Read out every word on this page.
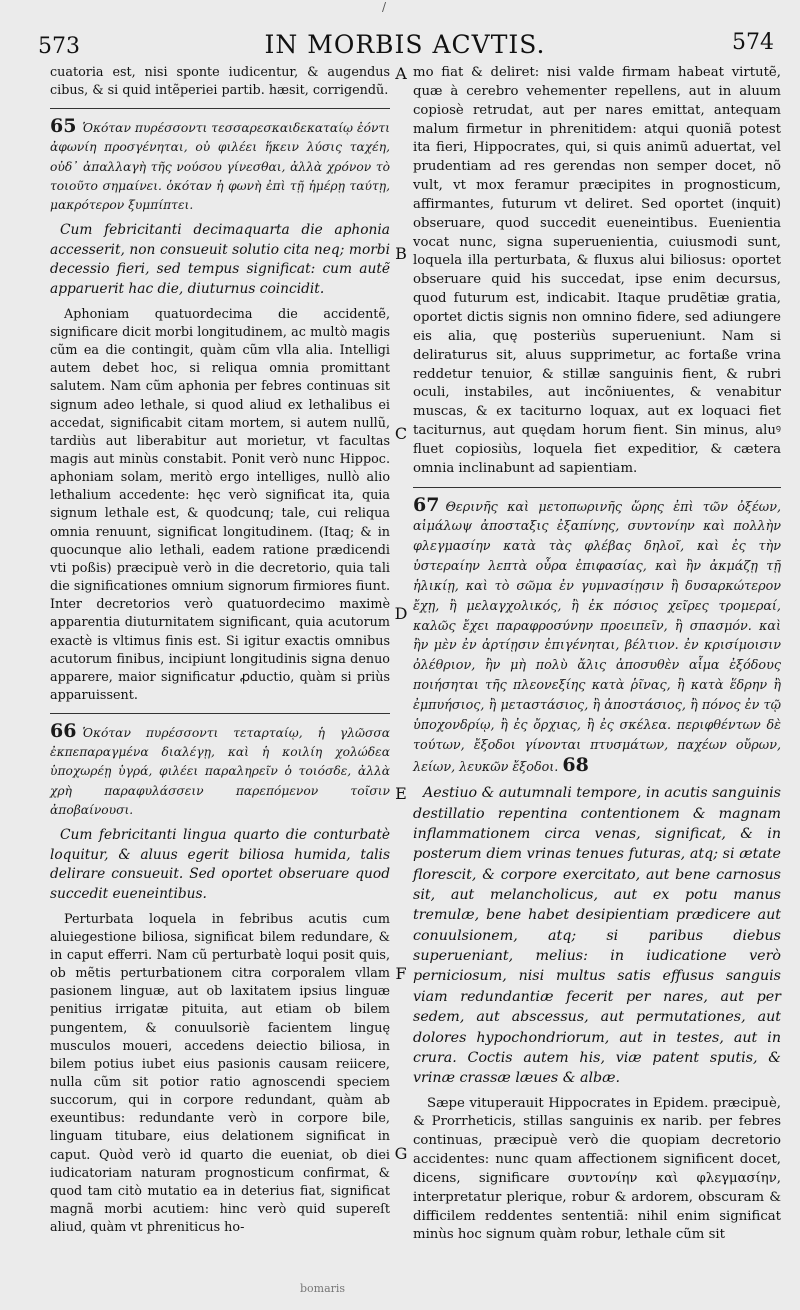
/
573	IN MORBIS ACVTIS.	574

cuatoria est, nisi sponte iudicentur, & augendus cibus, & si quid intẽperiei partib. hæsit, corrigendũ.

65 Ὁκόταν πυρέσσοντι τεσσαρεσκαιδεκαταίῳ ἐόντι ἀφωνίη προσγένηται, οὐ φιλέει ἥκειν λύσις ταχέη, οὐδ᾽ ἀπαλλαγὴ τῆς νούσου γίνεσθαι, ἀλλὰ χρόνον τὸ τοιοῦτο σημαίνει. ὁκόταν ἡ φωνὴ ἐπὶ τῇ ἡμέρῃ ταύτῃ, μακρότερον ξυμπίπτει.

Cum febricitanti decimaquarta die aphonia accesserit, non consueuit solutio cita neq; morbi decessio fieri, sed tempus significat: cum autẽ apparuerit hac die, diuturnus coincidit.

Aphoniam quatuordecima die accidentẽ, significare dicit morbi longitudinem, ac multò magis cũm ea die contingit, quàm cũm vlla alia. Intelligi autem debet hoc, si reliqua omnia promittant salutem. Nam cũm aphonia per febres continuas sit signum adeo lethale, si quod aliud ex lethalibus ei accedat, significabit citam mortem, si autem nullũ, tardiùs aut liberabitur aut morietur, vt facultas magis aut minùs constabit. Ponit verò nunc Hippoc. aphoniam solam, meritò ergo intelliges, nullò alio lethalium accedente: hęc verò significat ita, quia signum lethale est, & quodcunq; tale, cui reliqua omnia renuunt, significat longitudinem. (Itaq; & in quocunque alio lethali, eadem ratione prædicendi vti poßis) præcipuè verò in die decretorio, quia tali die significationes omnium signorum firmiores fiunt. Inter decretorios verò quatuordecimo maximè apparentia diuturnitatem significant, quia acutorum exactè is vltimus finis est. Si igitur exactis omnibus acutorum finibus, incipiunt longitudinis signa denuo apparere, maior significatur ꝓductio, quàm si priùs apparuissent.

66 Ὁκόταν πυρέσσοντι τεταρταίῳ, ἡ γλῶσσα ἐκπεπαραγμένα διαλέγῃ, καὶ ἡ κοιλίη χολώδεα ὑποχωρέῃ ὑγρά, φιλέει παραληρεῖν ὁ τοιόσδε, ἀλλὰ χρὴ παραφυλάσσειν παρεπόμενον τοῖσιν ἀποβαίνουσι.

Cum febricitanti lingua quarto die conturbatè loquitur, & aluus egerit biliosa humida, talis delirare consueuit. Sed oportet obseruare quod succedit eueneintibus.

Perturbata loquela in febribus acutis cum aluiegestione biliosa, significat bilem redundare, & in caput efferri. Nam cũ perturbatè loqui posit quis, ob mẽtis perturbationem citra corporalem vllam pasionem linguæ, aut ob laxitatem ipsius linguæ penitius irrigatæ pituita, aut etiam ob bilem pungentem, & conuulsoriè facientem linguę musculos moueri, accedens deiectio biliosa, in bilem potius iubet eius pasionis causam reiicere, nulla cũm sit potior ratio agnoscendi speciem succorum, qui in corpore redundant, quàm ab exeuntibus: redundante verò in corpore bile, linguam titubare, eius delationem significat in caput. Quòd verò id quarto die eueniat, ob diei iudicatoriam naturam prognosticum confirmat, & quod tam citò mutatio ea in deterius fiat, significat magnã morbi acutiem: hinc verò quid supereſt aliud, quàm vt phreniticus ho-

A
B
C
D
E
F
G

mo fiat & deliret: nisi valde firmam habeat virtutẽ, quæ à cerebro vehementer repellens, aut in aluum copiosè retrudat, aut per nares emittat, antequam malum firmetur in phrenitidem: atqui quoniã potest ita fieri, Hippocrates, qui, si quis animũ aduertat, vel prudentiam ad res gerendas non semper docet, nõ vult, vt mox feramur præcipites in prognosticum, affirmantes, futurum vt deliret. Sed oportet (inquit) obseruare, quod succedit eueneintibus. Euenientia vocat nunc, signa superuenientia, cuiusmodi sunt, loquela illa perturbata, & fluxus alui biliosus: oportet obseruare quid his succedat, ipse enim decursus, quod futurum est, indicabit. Itaque prudẽtiæ gratia, oportet dictis signis non omnino fidere, sed adiungere eis alia, quę posteriùs superueniunt. Nam si deliraturus sit, aluus supprimetur, ac fortaße vrina reddetur tenuior, & stillæ sanguinis fient, & rubri oculi, instabiles, aut incõniuentes, & venabitur muscas, & ex taciturno loquax, aut ex loquaci fiet taciturnus, aut quędam horum fient. Sin minus, aluꝰ fluet copiosiùs, loquela fiet expeditior, & cætera omnia inclinabunt ad sapientiam.

67 Θερινῆς καὶ μετοπωρινῆς ὥρης ἐπὶ τῶν ὀξέων, αἱμάλωψ ἀποσταξις ἐξαπίνης, συντονίην καὶ πολλὴν φλεγμασίην κατὰ τὰς φλέβας δηλοῖ, καὶ ἐς τὴν ὑστεραίην λεπτὰ οὖρα ἐπιφασίας, καὶ ἢν ἀκμάζῃ τῇ ἡλικίῃ, καὶ τὸ σῶμα ἐν γυμνασίῃσιν ἢ δυσαρκώτερον ἔχῃ, ἢ μελαγχολικός, ἢ ἐκ πόσιος χεῖρες τρομεραί, καλῶς ἔχει παραφροσύνην προειπεῖν, ἢ σπασμόν. καὶ ἢν μὲν ἐν ἀρτίῃσιν ἐπιγένηται, βέλτιον. ἐν κρισίμοισιν ὀλέθριον, ἢν μὴ πολὺ ἄλις ἀποσυθὲν αἷμα ἐξόδους ποιήσηται τῆς πλεονεξίης κατὰ ῥῖνας, ἢ κατὰ ἕδρην ἢ ἐμπυήσιος, ἢ μεταστάσιος, ἢ ἀποστάσιος, ἢ πόνος ἐν τῷ ὑποχονδρίῳ, ἢ ἐς ὄρχιας, ἢ ἐς σκέλεα. περιφθέντων δὲ τούτων, ἔξοδοι γίνονται πτυσμάτων, παχέων οὔρων, λείων, λευκῶν ἔξοδοι. 68

Aestiuo & autumnali tempore, in acutis sanguinis destillatio repentina contentionem & magnam inflammationem circa venas, significat, & in posterum diem vrinas tenues futuras, atq; si ætate florescit, & corpore exercitato, aut bene carnosus sit, aut melancholicus, aut ex potu manus tremulæ, bene habet desipientiam prædicere aut conuulsionem, atq; si paribus diebus superueniant, melius: in iudicatione verò perniciosum, nisi multus satis effusus sanguis viam redundantiæ fecerit per nares, aut per sedem, aut abscessus, aut permutationes, aut dolores hypochondriorum, aut in testes, aut in crura. Coctis autem his, viæ patent sputis, & vrinæ crassæ læues & albæ.

Sæpe vituperauit Hippocrates in Epidem. præcipuè, & Prorrheticis, stillas sanguinis ex narib. per febres continuas, præcipuè verò die quopiam decretorio accidentes: nunc quam affectionem significent docet, dicens, significare συντονίην καὶ φλεγμασίην, interpretatur plerique, robur & ardorem, obscuram & difficilem reddentes sententiã: nihil enim significat minùs hoc signum quàm robur, lethale cũm sit

bomaris
